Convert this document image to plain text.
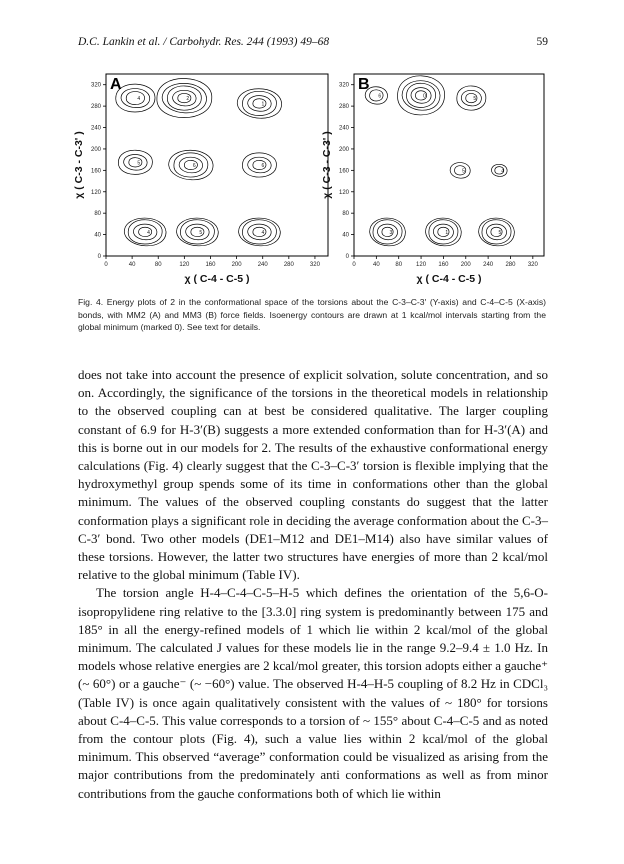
D.C. Lankin et al. / Carbohydr. Res. 244 (1993) 49–68	59
0	40	80	120	160	200	240	280	320
0
40
80
120
160
200
240
280
320 A
χ ( C-4 - C-5 )
χ ( C-3 - C-3' )
4	2
1
5	6	6
4	5	4
0	40	80 120 160 200 240 280 320
0
40
80
120
160
200
240
280
320 B
χ ( C-4 - C-5 )
χ ( C-3 - C-3' )
6	0	5
5	4
3	1	5
Fig. 4. Energy plots of 2 in the conformational space of the torsions about the C-3–C-3′ (Y-axis) and C-4–C-5 (X-axis) bonds, with MM2 (A) and MM3 (B) force fields. Isoenergy contours are drawn at 1 kcal/mol intervals starting from the global minimum (marked 0). See text for details.

does not take into account the presence of explicit solvation, solute concentration, and so on. Accordingly, the significance of the torsions in the theoretical models in relationship to the observed coupling can at best be considered qualitative. The larger coupling constant of 6.9 for H-3′(B) suggests a more extended conformation than for H-3′(A) and this is borne out in our models for 2. The results of the exhaustive conformational energy calculations (Fig. 4) clearly suggest that the C-3–C-3′ torsion is flexible implying that the hydroxymethyl group spends some of its time in conformations other than the global minimum. The values of the observed coupling constants do suggest that the latter conformation plays a significant role in deciding the average conformation about the C-3–C-3′ bond. Two other models (DE1–M12 and DE1–M14) also have similar values of these torsions. However, the latter two structures have energies of more than 2 kcal/mol relative to the global minimum (Table IV).

The torsion angle H-4–C-4–C-5–H-5 which defines the orientation of the 5,6-O-isopropylidene ring relative to the [3.3.0] ring system is predominantly between 175 and 185° in all the energy-refined models of 1 which lie within 2 kcal/mol of the global minimum. The calculated J values for these models lie in the range 9.2–9.4 ± 1.0 Hz. In models whose relative energies are 2 kcal/mol greater, this torsion adopts either a gauche⁺ (~ 60°) or a gauche⁻ (~ −60°) value. The observed H-4–H-5 coupling of 8.2 Hz in CDCl₃ (Table IV) is once again qualitatively consistent with the values of ~ 180° for torsions about C-4–C-5. This value corresponds to a torsion of ~ 155° about C-4–C-5 and as noted from the contour plots (Fig. 4), such a value lies within 2 kcal/mol of the global minimum. This observed “average” conformation could be visualized as arising from the major contributions from the predominately anti conformations as well as from minor contributions from the gauche conformations both of which lie within
